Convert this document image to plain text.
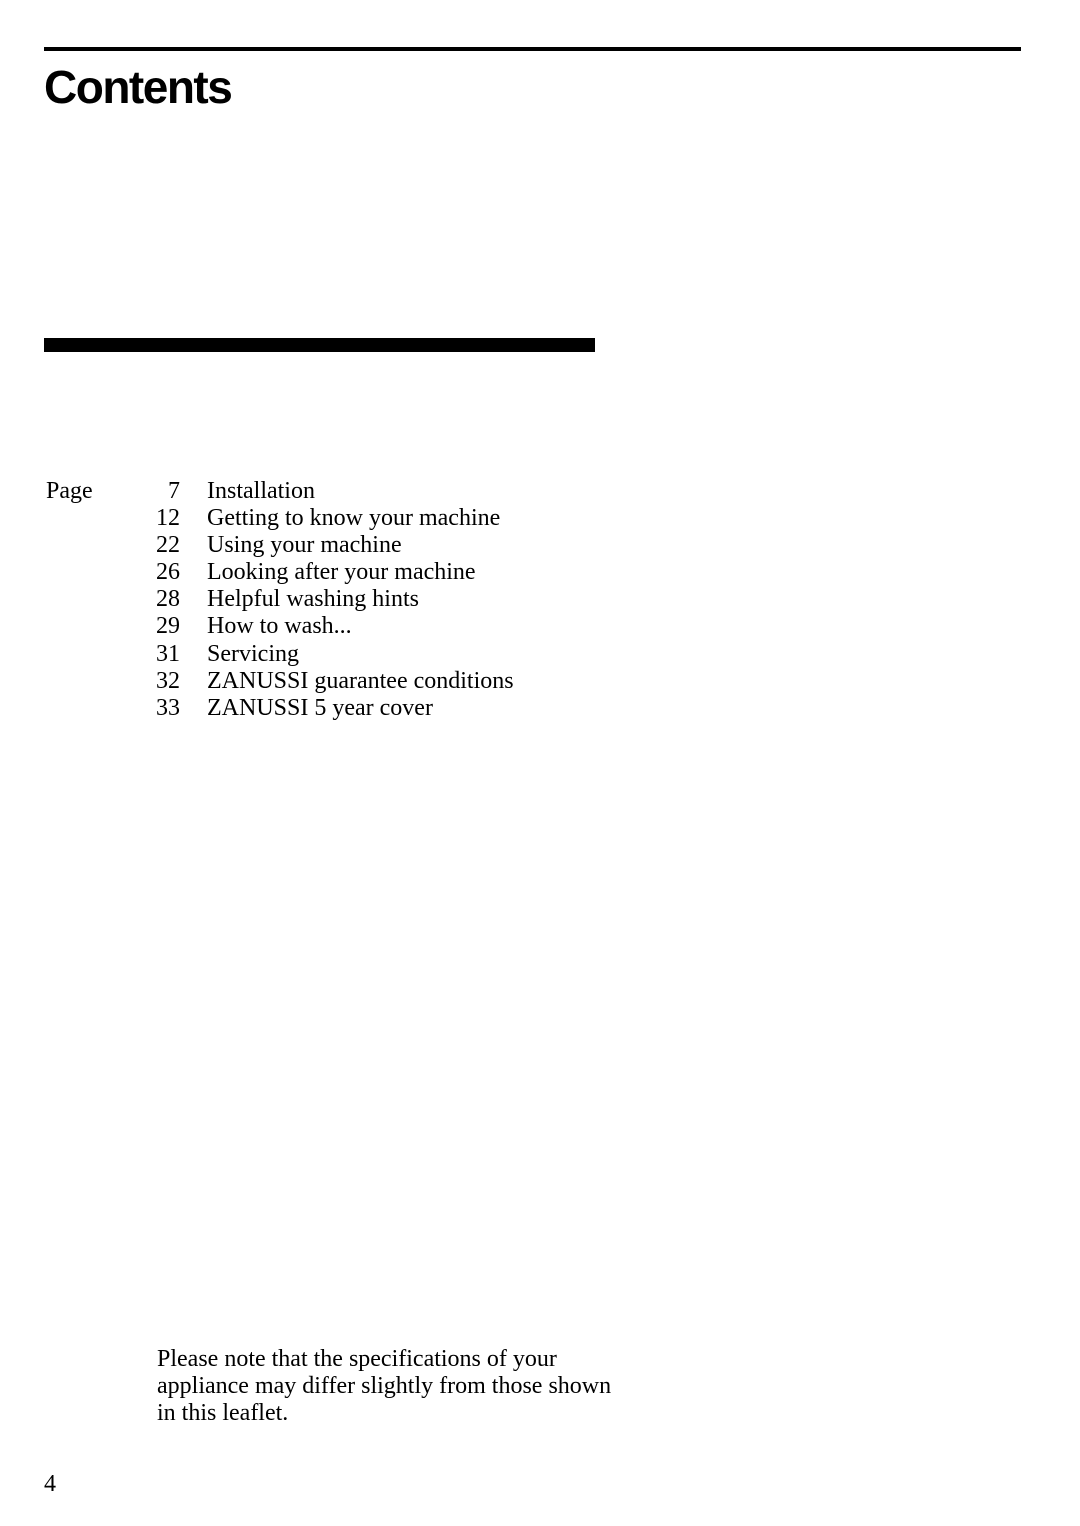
Contents
Page	7 Installation
12 Getting to know your machine
22 Using your machine
26 Looking after your machine
28 Helpful washing hints
29 How to wash...
31 Servicing
32 ZANUSSI guarantee conditions
33 ZANUSSI 5 year cover

Please note that the specifications of your appliance may differ slightly from those shown in this leaflet.

4
